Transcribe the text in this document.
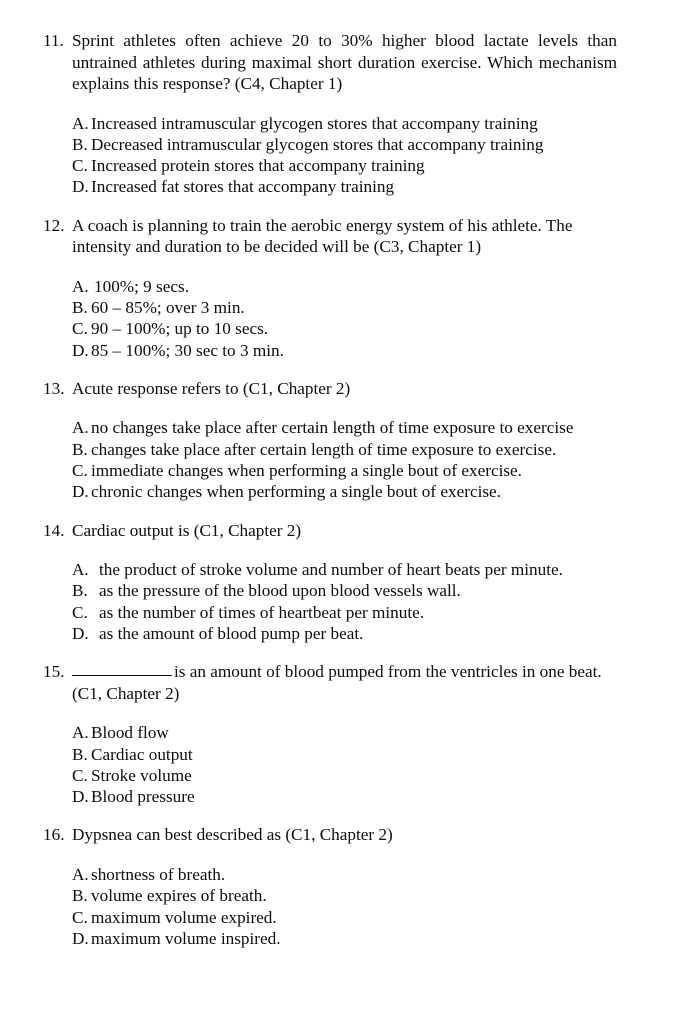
11. Sprint athletes often achieve 20 to 30% higher blood lactate levels than untrained athletes during maximal short duration exercise. Which mechanism explains this response? (C4, Chapter 1)
A. Increased intramuscular glycogen stores that accompany training
B. Decreased intramuscular glycogen stores that accompany training
C. Increased protein stores that accompany training
D. Increased fat stores that accompany training
12. A coach is planning to train the aerobic energy system of his athlete. The intensity and duration to be decided will be (C3, Chapter 1)
A. 100%; 9 secs.
B. 60 – 85%; over 3 min.
C. 90 – 100%; up to 10 secs.
D. 85 – 100%; 30 sec to 3 min.
13. Acute response refers to (C1, Chapter 2)
A. no changes take place after certain length of time exposure to exercise
B. changes take place after certain length of time exposure to exercise.
C. immediate changes when performing a single bout of exercise.
D. chronic changes when performing a single bout of exercise.
14. Cardiac output is (C1, Chapter 2)
A. the product of stroke volume and number of heart beats per minute.
B. as the pressure of the blood upon blood vessels wall.
C. as the number of times of heartbeat per minute.
D. as the amount of blood pump per beat.
15.	is an amount of blood pumped from the ventricles in one beat. (C1, Chapter 2)
A. Blood flow
B. Cardiac output
C. Stroke volume
D. Blood pressure
16. Dypsnea can best described as (C1, Chapter 2)
A. shortness of breath.
B. volume expires of breath.
C. maximum volume expired.
D. maximum volume inspired.
